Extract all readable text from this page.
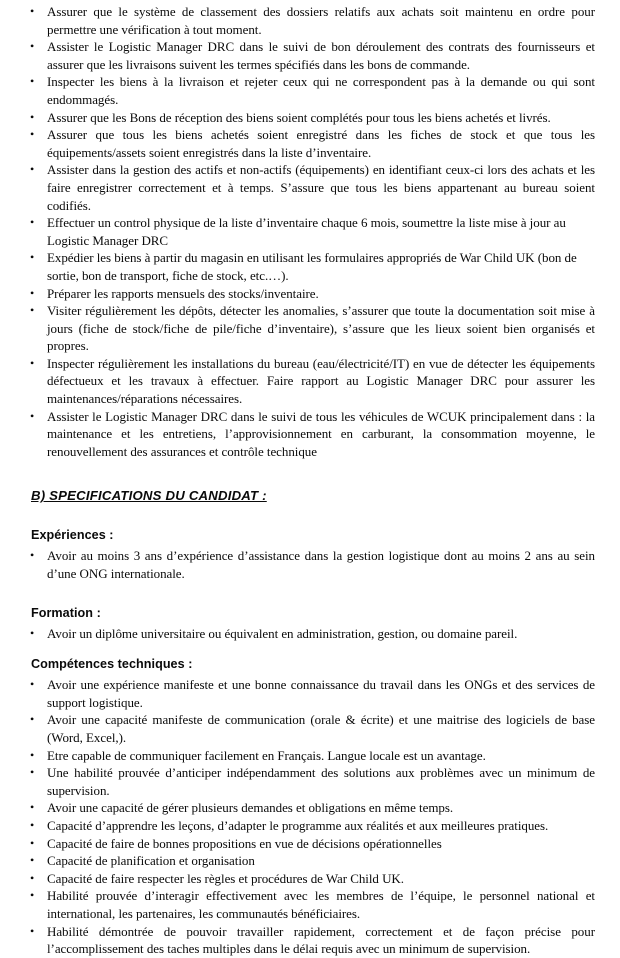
• Assurer que le système de classement des dossiers relatifs aux achats soit maintenu en ordre pour permettre une vérification à tout moment.
• Assister le Logistic Manager DRC dans le suivi de bon déroulement des contrats des fournisseurs et assurer que les livraisons suivent les termes spécifiés dans les bons de commande.
• Inspecter les biens à la livraison et rejeter ceux qui ne correspondent pas à la demande ou qui sont endommagés.
• Assurer que les Bons de réception des biens soient complétés pour tous les biens achetés et livrés.
• Assurer que tous les biens achetés soient enregistré dans les fiches de stock et que tous les équipements/assets soient enregistrés dans la liste d’inventaire.
• Assister dans la gestion des actifs et non-actifs (équipements) en identifiant ceux-ci lors des achats et les faire enregistrer correctement et à temps. S’assure que tous les biens appartenant au bureau soient codifiés.
• Effectuer un control physique de la liste d’inventaire chaque 6 mois, soumettre la liste mise à jour au Logistic Manager DRC
• Expédier les biens à partir du magasin en utilisant les formulaires appropriés de War Child UK (bon de sortie, bon de transport, fiche de stock, etc.…).
• Préparer les rapports mensuels des stocks/inventaire.
• Visiter régulièrement les dépôts, détecter les anomalies, s’assurer que toute la documentation soit mise à jours (fiche de stock/fiche de pile/fiche d’inventaire), s’assure que les lieux soient bien organisés et propres.
• Inspecter régulièrement les installations du bureau (eau/électricité/IT) en vue de détecter les équipements défectueux et les travaux à effectuer. Faire rapport au Logistic Manager DRC pour assurer les maintenances/réparations nécessaires.
• Assister le Logistic Manager DRC dans le suivi de tous les véhicules de WCUK principalement dans : la maintenance et les entretiens, l’approvisionnement en carburant, la consommation moyenne, le renouvellement des assurances et contrôle technique
B) SPECIFICATIONS DU CANDIDAT :
Expériences :
• Avoir au moins 3 ans d’expérience d’assistance dans la gestion logistique dont au moins 2 ans au sein d’une ONG internationale.
Formation :
• Avoir un diplôme universitaire ou équivalent en administration, gestion, ou domaine pareil.
Compétences techniques :
• Avoir une expérience manifeste et une bonne connaissance du travail dans les ONGs et des services de support logistique.
• Avoir une capacité manifeste de communication (orale & écrite) et une maitrise des logiciels de base (Word, Excel,).
• Etre capable de communiquer facilement en Français. Langue locale est un avantage.
• Une habilité prouvée d’anticiper indépendamment des solutions aux problèmes avec un minimum de supervision.
• Avoir une capacité de gérer plusieurs demandes et obligations en même temps.
• Capacité d’apprendre les leçons, d’adapter le programme aux réalités et aux meilleures pratiques.
• Capacité de faire de bonnes propositions en vue de décisions opérationnelles
• Capacité de planification et organisation
• Capacité de faire respecter les règles et procédures de War Child UK.
• Habilité prouvée d’interagir effectivement avec les membres de l’équipe, le personnel national et international, les partenaires, les communautés bénéficiaires.
• Habilité démontrée de pouvoir travailler rapidement, correctement et de façon précise pour l’accomplissement des taches multiples dans le délai requis avec un minimum de supervision.
